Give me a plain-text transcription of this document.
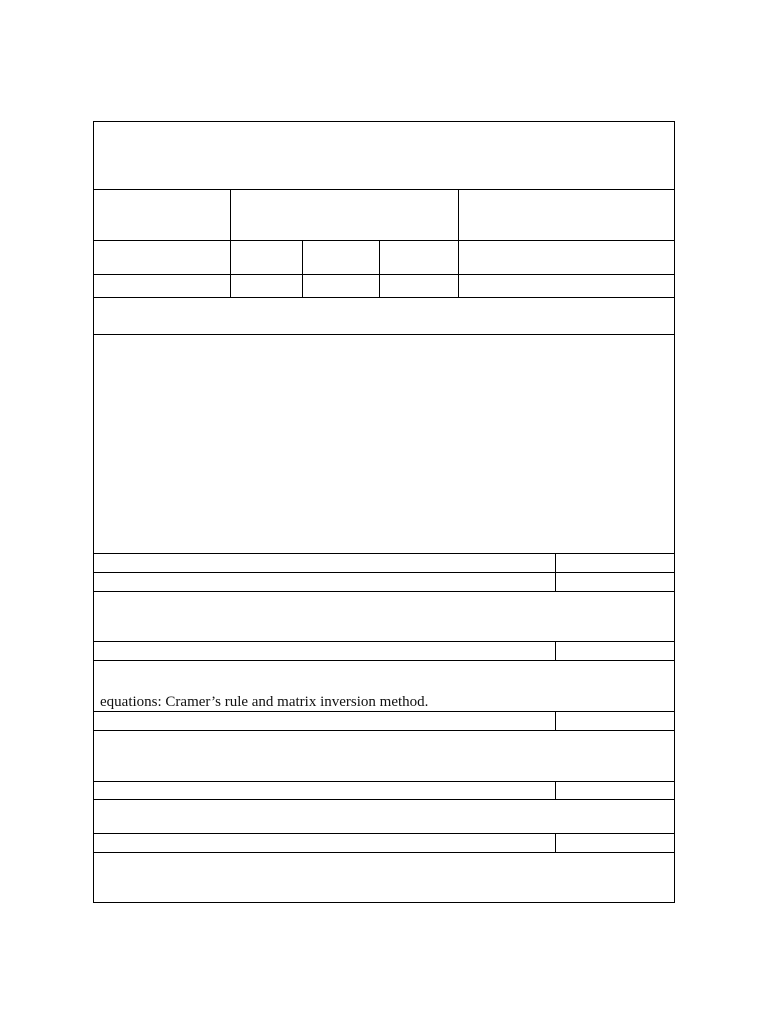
equations: Cramer’s rule and matrix inversion method.
